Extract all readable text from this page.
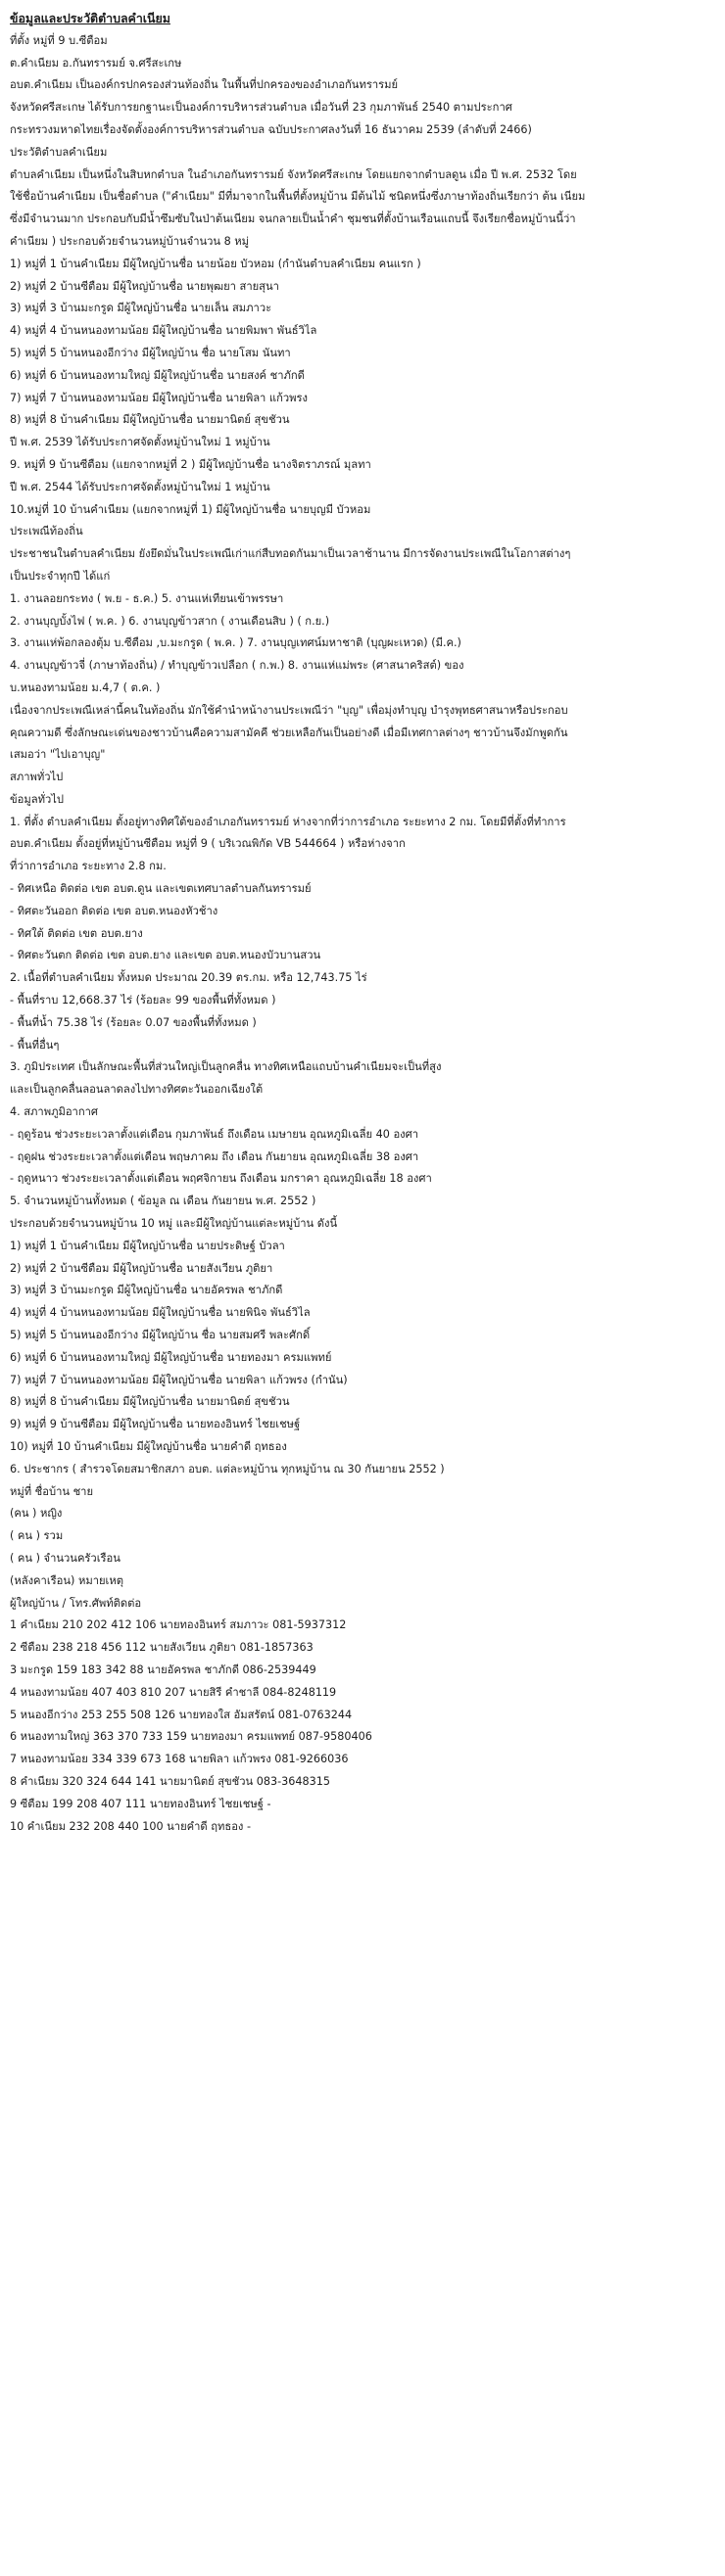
ข้อมูลและประวัติตำบลคำเนียม
ที่ตั้ง หมู่ที่ 9 บ.ซีตือม
ต.คำเนียม อ.กันทรารมย์ จ.ศรีสะเกษ
อบต.คำเนียม เป็นองค์กรปกครองส่วนท้องถิ่น ในพื้นที่ปกครองของอำเภอกันทรารมย์
จังหวัดศรีสะเกษ ได้รับการยกฐานะเป็นองค์การบริหารส่วนตำบล เมื่อวันที่ 23 กุมภาพันธ์ 2540 ตามประกาศ
กระทรวงมหาดไทยเรื่องจัดตั้งองค์การบริหารส่วนตำบล ฉบับประกาศลงวันที่ 16 ธันวาคม 2539 (ลำดับที่ 2466)
ประวัติตำบลคำเนียม
ตำบลคำเนียม เป็นหนึ่งในสิบหกตำบล ในอำเภอกันทรารมย์ จังหวัดศรีสะเกษ โดยแยกจากตำบลดูน เมื่อ ปี พ.ศ. 2532 โดย
ใช้ชื่อบ้านคำเนียม เป็นชื่อตำบล ("คำเนียม" มีที่มาจากในพื้นที่ตั้งหมู่บ้าน มีต้นไม้ ชนิดหนึ่งซึ่งภาษาท้องถิ่นเรียกว่า ต้น เนียม
ซึ่งมีจำนวนมาก ประกอบกับมีน้ำซึมซับในป่าต้นเนียม จนกลายเป็นน้ำคำ ชุมชนที่ตั้งบ้านเรือนแถบนี้ จึงเรียกชื่อหมู่บ้านนี้ว่า
คำเนียม ) ประกอบด้วยจำนวนหมู่บ้านจำนวน 8 หมู่
1) หมู่ที่ 1 บ้านคำเนียม มีผู้ใหญ่บ้านชื่อ นายน้อย บัวหอม (กำนันตำบลคำเนียม คนแรก )
2) หมู่ที่ 2 บ้านซีตือม มีผู้ใหญ่บ้านชื่อ นายพุฒยา สายสุนา
3) หมู่ที่ 3 บ้านมะกรูด มีผู้ใหญ่บ้านชื่อ นายเล็น สมภาวะ
4) หมู่ที่ 4 บ้านหนองทามน้อย มีผู้ใหญ่บ้านชื่อ นายพิมพา พันธ์วิไล
5) หมู่ที่ 5 บ้านหนองอีกว่าง มีผู้ใหญ่บ้าน ชื่อ นายโสม นันทา
6) หมู่ที่ 6 บ้านหนองทามใหญ่ มีผู้ใหญ่บ้านชื่อ นายสงค์ ชาภักดี
7) หมู่ที่ 7 บ้านหนองทามน้อย มีผู้ใหญ่บ้านชื่อ นายพิลา แก้วพรง
8) หมู่ที่ 8 บ้านคำเนียม มีผู้ใหญ่บ้านชื่อ นายมานิตย์ สุขชัวน
ปี พ.ศ. 2539 ได้รับประกาศจัดตั้งหมู่บ้านใหม่ 1 หมู่บ้าน
9. หมู่ที่ 9 บ้านซีตือม (แยกจากหมู่ที่ 2 ) มีผู้ใหญ่บ้านชื่อ นางจิตราภรณ์ มุลทา
ปี พ.ศ. 2544 ได้รับประกาศจัดตั้งหมู่บ้านใหม่ 1 หมู่บ้าน
10.หมู่ที่ 10 บ้านคำเนียม (แยกจากหมู่ที่ 1) มีผู้ใหญ่บ้านชื่อ นายบุญมี บัวหอม
ประเพณีท้องถิ่น
ประชาชนในตำบลคำเนียม ยังยึดมั่นในประเพณีเก่าแก่สืบทอดกันมาเป็นเวลาช้านาน มีการจัดงานประเพณีในโอกาสต่างๆ
เป็นประจำทุกปี ได้แก่
1. งานลอยกระทง ( พ.ย - ธ.ค.) 5. งานแห่เทียนเข้าพรรษา
2. งานบุญบั้งไฟ ( พ.ค. ) 6. งานบุญข้าวสาก ( งานเดือนสิบ ) ( ก.ย.)
3. งานแห่พ้อกลองตุ้ม บ.ซีตือม ,บ.มะกรูด ( พ.ค. ) 7. งานบุญเทศน์มหาชาติ (บุญผะเหวด) (มี.ค.)
4. งานบุญข้าวจี่ (ภาษาท้องถิ่น) / ทำบุญข้าวเปลือก ( ก.พ.) 8. งานแห่แม่พระ (ศาสนาคริสต์) ของ
บ.หนองทามน้อย ม.4,7 ( ต.ค. )
เนื่องจากประเพณีเหล่านี้คนในท้องถิ่น มักใช้คำนำหน้างานประเพณีว่า "บุญ" เพื่อมุ่งทำบุญ บำรุงพุทธศาสนาหรือประกอบ
คุณความดี ซึ่งลักษณะเด่นของชาวบ้านคือความสามัคคี ช่วยเหลือกันเป็นอย่างดี เมื่อมีเทศกาลต่างๆ ชาวบ้านจึงมักพูดกัน
เสมอว่า "ไปเอาบุญ"
สภาพทั่วไป
ข้อมูลทั่วไป
1. ที่ตั้ง ตำบลคำเนียม ตั้งอยู่ทางทิศใต้ของอำเภอกันทรารมย์ ห่างจากที่ว่าการอำเภอ ระยะทาง 2 กม. โดยมีที่ตั้งที่ทำการ
อบต.คำเนียม ตั้งอยู่ที่หมู่บ้านซีตือม หมู่ที่ 9 ( บริเวณพิกัด VB 544664 ) หรือห่างจาก
ที่ว่าการอำเภอ ระยะทาง 2.8 กม.
- ทิศเหนือ ติดต่อ เขต อบต.ดูน และเขตเทศบาลตำบลกันทรารมย์
- ทิศตะวันออก ติดต่อ เขต อบต.หนองหัวช้าง
- ทิศใต้ ติดต่อ เขต อบต.ยาง
- ทิศตะวันตก ติดต่อ เขต อบต.ยาง และเขต อบต.หนองบัวบานสวน
2. เนื้อที่ตำบลคำเนียม ทั้งหมด ประมาณ 20.39 ตร.กม. หรือ 12,743.75 ไร่
- พื้นที่ราบ 12,668.37 ไร่ (ร้อยละ 99 ของพื้นที่ทั้งหมด )
- พื้นที่น้ำ 75.38 ไร่ (ร้อยละ 0.07 ของพื้นที่ทั้งหมด )
- พื้นที่อื่นๆ
3. ภูมิประเทศ เป็นลักษณะพื้นที่ส่วนใหญ่เป็นลูกคลื่น ทางทิศเหนือแถบบ้านคำเนียมจะเป็นที่สูง
และเป็นลูกคลื่นลอนลาดลงไปทางทิศตะวันออกเฉียงใต้
4. สภาพภูมิอากาศ
- ฤดูร้อน ช่วงระยะเวลาตั้งแต่เดือน กุมภาพันธ์ ถึงเดือน เมษายน อุณหภูมิเฉลี่ย 40 องศา
- ฤดูฝน ช่วงระยะเวลาตั้งแต่เดือน พฤษภาคม ถึง เดือน กันยายน อุณหภูมิเฉลี่ย 38 องศา
- ฤดูหนาว ช่วงระยะเวลาตั้งแต่เดือน พฤศจิกายน ถึงเดือน มกราคา อุณหภูมิเฉลี่ย 18 องศา
5. จำนวนหมู่บ้านทั้งหมด ( ข้อมูล ณ เดือน กันยายน พ.ศ. 2552 )
ประกอบด้วยจำนวนหมู่บ้าน 10 หมู่ และมีผู้ใหญ่บ้านแต่ละหมู่บ้าน ดังนี้
1) หมู่ที่ 1 บ้านคำเนียม มีผู้ใหญ่บ้านชื่อ นายประดิษฐ์ บัวลา
2) หมู่ที่ 2 บ้านซีตือม มีผู้ใหญ่บ้านชื่อ นายสังเวียน ภูติยา
3) หมู่ที่ 3 บ้านมะกรูด มีผู้ใหญ่บ้านชื่อ นายอัครพล ชาภักดี
4) หมู่ที่ 4 บ้านหนองทามน้อย มีผู้ใหญ่บ้านชื่อ นายพินิจ พันธ์วิไล
5) หมู่ที่ 5 บ้านหนองอีกว่าง มีผู้ใหญ่บ้าน ชื่อ นายสมศรี พละศักดิ์
6) หมู่ที่ 6 บ้านหนองทามใหญ่ มีผู้ใหญ่บ้านชื่อ นายทองมา ครมแพทย์
7) หมู่ที่ 7 บ้านหนองทามน้อย มีผู้ใหญ่บ้านชื่อ นายพิลา แก้วพรง (กำนัน)
8) หมู่ที่ 8 บ้านคำเนียม มีผู้ใหญ่บ้านชื่อ นายมานิตย์ สุขชัวน
9) หมู่ที่ 9 บ้านซีตือม มีผู้ใหญ่บ้านชื่อ นายทองอินทร์ ไชยเชษฐ์
10) หมู่ที่ 10 บ้านคำเนียม มีผู้ใหญ่บ้านชื่อ นายคำดี ฤทธอง
6. ประชากร ( สำรวจโดยสมาชิกสภา อบต. แต่ละหมู่บ้าน ทุกหมู่บ้าน ณ 30 กันยายน 2552 )
หมู่ที่ ชื่อบ้าน ชาย
(คน ) หญิง
( คน ) รวม
( คน ) จำนวนครัวเรือน
(หลังคาเรือน) หมายเหตุ
ผู้ใหญ่บ้าน / โทร.ศัพท์ติดต่อ
1 คำเนียม 210 202 412 106 นายทองอินทร์ สมภาวะ 081-5937312
2 ซีตือม 238 218 456 112 นายสังเวียน ภูติยา 081-1857363
3 มะกรูด 159 183 342 88 นายอัครพล ชาภักดี 086-2539449
4 หนองทามน้อย 407 403 810 207 นายสิรี คำชาลี 084-8248119
5 หนองอีกว่าง 253 255 508 126 นายทองใส อัมสรัตน์ 081-0763244
6 หนองทามใหญ่ 363 370 733 159 นายทองมา ครมแพทย์ 087-9580406
7 หนองทามน้อย 334 339 673 168 นายพิลา แก้วพรง 081-9266036
8 คำเนียม 320 324 644 141 นายมานิตย์ สุขชัวน 083-3648315
9 ซีตือม 199 208 407 111 นายทองอินทร์ ไชยเชษฐ์ -
10 คำเนียม 232 208 440 100 นายคำดี ฤทธอง -
